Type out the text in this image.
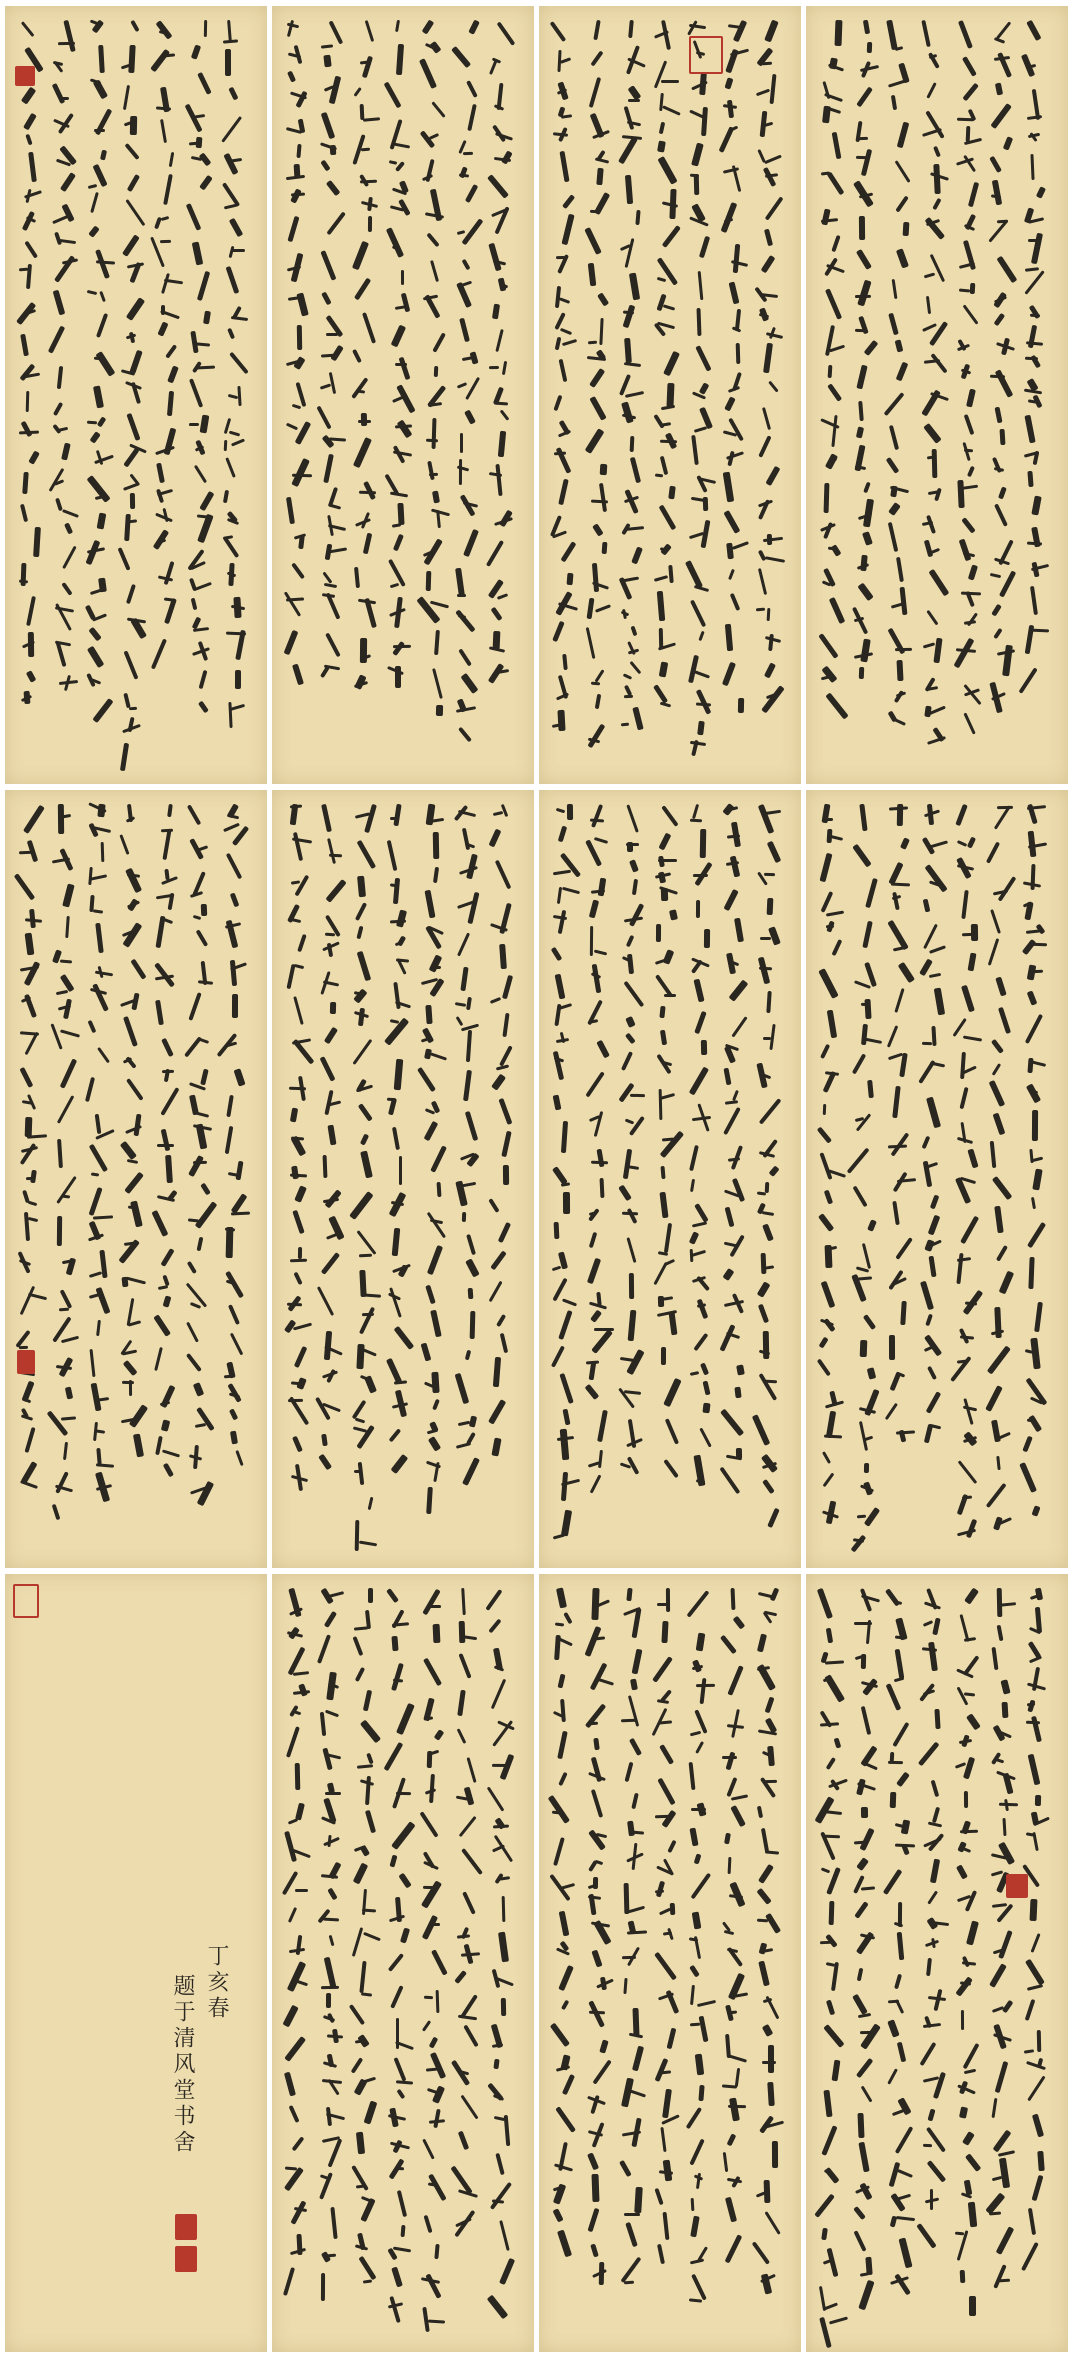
丁亥春
题于清风堂书舍
